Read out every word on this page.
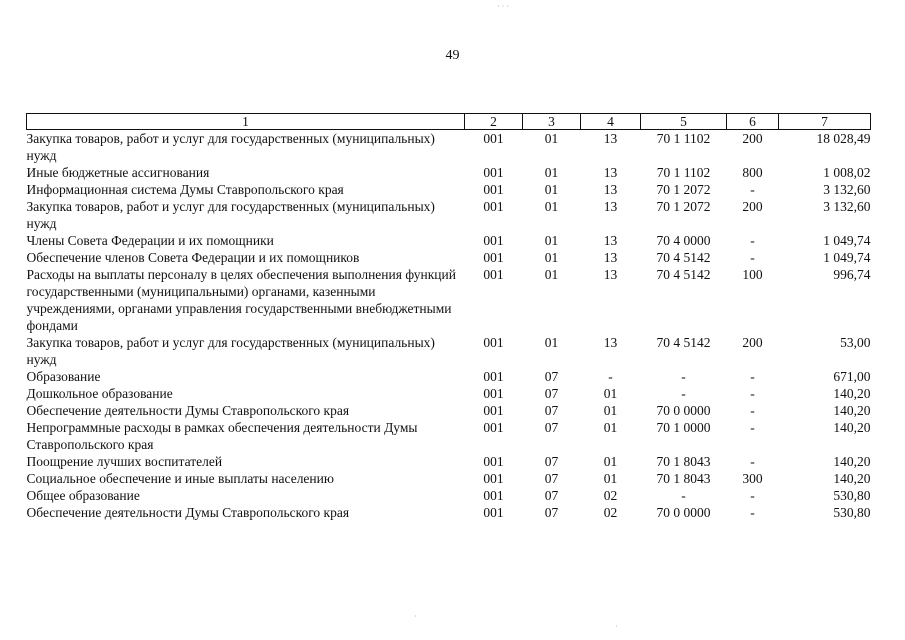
49
· · ·
1	2	3	4	5	6	7
Закупка товаров, работ и услуг для государственных (муниципальных) нужд	001	01	13	70 1 1102	200	18 028,49
Иные бюджетные ассигнования	001	01	13	70 1 1102	800	1 008,02
Информационная система Думы Ставропольского края	001	01	13	70 1 2072	-	3 132,60
Закупка товаров, работ и услуг для государственных (муниципальных) нужд	001	01	13	70 1 2072	200	3 132,60
Члены Совета Федерации и их помощники	001	01	13	70 4 0000	-	1 049,74
Обеспечение членов Совета Федерации и их помощников	001	01	13	70 4 5142	-	1 049,74
Расходы на выплаты персоналу в целях обеспечения выполнения функций государственными (муниципальными) органами, казенными учреждениями, органами управления государственными внебюджетными фондами	001	01	13	70 4 5142	100	996,74
Закупка товаров, работ и услуг для государственных (муниципальных) нужд	001	01	13	70 4 5142	200	53,00
Образование	001	07	-	-	-	671,00
Дошкольное образование	001	07	01	-	-	140,20
Обеспечение деятельности Думы Ставропольского края	001	07	01	70 0 0000	-	140,20
Непрограммные расходы в рамках обеспечения деятельности Думы Ставропольского края	001	07	01	70 1 0000	-	140,20
Поощрение лучших воспитателей	001	07	01	70 1 8043	-	140,20
Социальное обеспечение и иные выплаты населению	001	07	01	70 1 8043	300	140,20
Общее образование	001	07	02	-	-	530,80
Обеспечение деятельности Думы Ставропольского края	001	07	02	70 0 0000	-	530,80
·
·
